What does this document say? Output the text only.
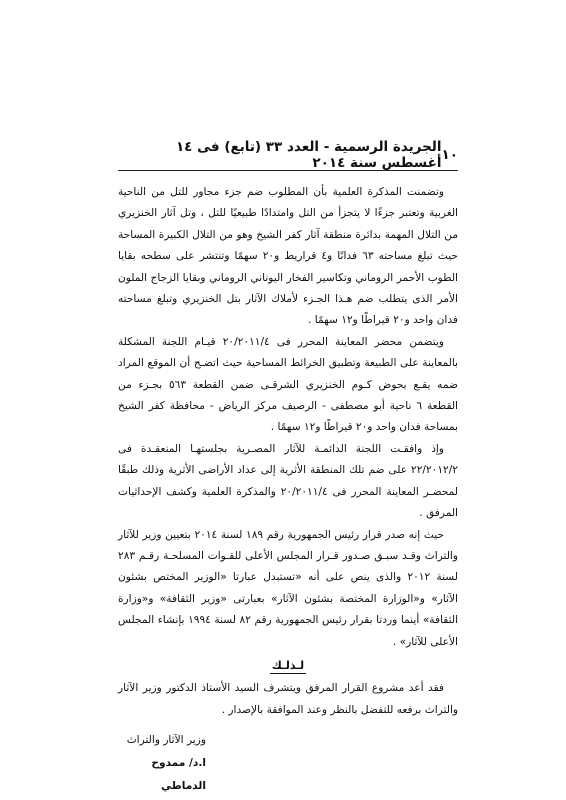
١٠
الجريدة الرسمية - العدد ٣٣ (تابع) فى ١٤ أغسطس سنة ٢٠١٤

وتضمنت المذكرة العلمية بأن المطلوب ضم جزء مجاور للتل من الناحية الغربية وتعتبر جزءًا لا يتجزأ من التل وامتدادًا طبيعيًا للتل ، وتل آثار الخنزيري من التلال المهمة بدائرة منطقة آثار كفر الشيخ وهو من التلال الكبيرة المساحة حيث تبلغ مساحته ٦٣ فدانًا و٤ قراريط و٢٠ سهمًا وتنتشر على سطحه بقايا الطوب الأحمر الروماني وتكاسير الفخار اليوناني الروماني وبقايا الزجاج الملون الأمر الذى يتطلب ضم هـذا الجـزء لأملاك الآثار بتل الخنزيري وتبلغ مساحته فدان واحد و٢٠ قيراطًا و١٢ سهمًا .

ويتضمن محضر المعاينة المحرر فى ٢٠/٢٠١١/٤ قيـام اللجنة المشكلة بالمعاينة على الطبيعة وتطبيق الخرائط المساحية حيث اتضـح أن الموقع المراد ضمه يقـع بحوض كـوم الخنزيري الشرقـى ضمن القطعة ٥٦٣ بجـزء من القطعة ٦ ناحية أبو مصطفى - الرصيف مركز الرياض - محافظة كفر الشيخ بمساحة فدان واحد و٢٠ قيراطًا و١٢ سهمًا .

وإذ وافقـت اللجنة الدائمـة للآثار المصـرية بجلستهـا المنعقـدة فى ٢٢/٢٠١٢/٢ على ضم تلك المنطقة الأثرية إلى عداد الأراضى الأثرية وذلك طبقًا لمحضـر المعاينة المحرر فى ٢٠/٢٠١١/٤ والمذكرة العلمية وكشف الإحداثيات المرفق .

حيث إنه صدر قرار رئيس الجمهورية رقم ١٨٩ لسنة ٢٠١٤ بتعيين وزير للآثار والتراث وقـد سبـق صـدور قـرار المجلس الأعلى للقـوات المسلحـة رقـم ٢٨٣ لسنة ٢٠١٢ والذى ينص على أنه «تستبدل عبارتا «الوزير المختص بشئون الآثار» و«الوزارة المختصة بشئون الآثار» بعبارتى «وزير الثقافة» و«وزارة الثقافة» أينما وردتا بقرار رئيس الجمهورية رقم ٨٢ لسنة ١٩٩٤ بإنشاء المجلس الأعلى للآثار» .

لـذلـك

فقد أعد مشروع القرار المرفق ويتشرف السيد الأستاذ الدكتور وزير الآثار والتراث برفعه للتفضل بالنظر وعند الموافقة بالإصدار .

وزير الآثار والتراث
ا.د/ ممدوح الدماطي
